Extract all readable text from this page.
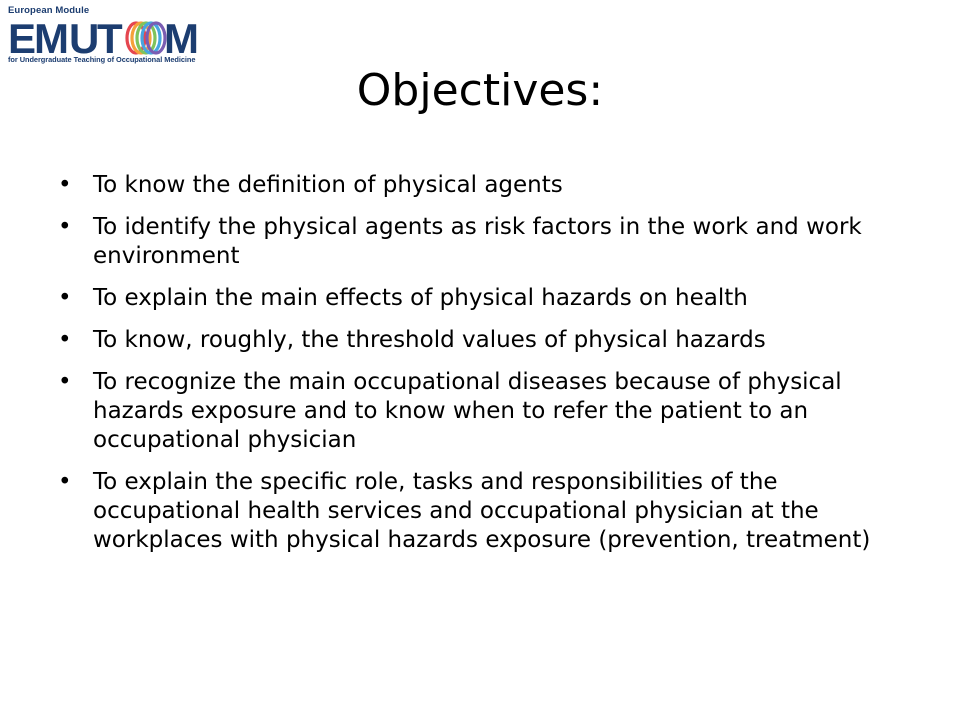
European Module
E
M U
T M
for Undergraduate Teaching of Occupational Medicine
Objectives:
• To know the definition of physical agents
• To identify the physical agents as risk factors in the work and work environment
• To explain the main effects of physical hazards on health
• To know, roughly, the threshold values of physical hazards
• To recognize the main occupational diseases because of physical hazards exposure and to know when to refer the patient to an occupational physician
• To explain the specific role, tasks and responsibilities of the occupational health services and occupational physician at the workplaces with physical hazards exposure (prevention, treatment)
